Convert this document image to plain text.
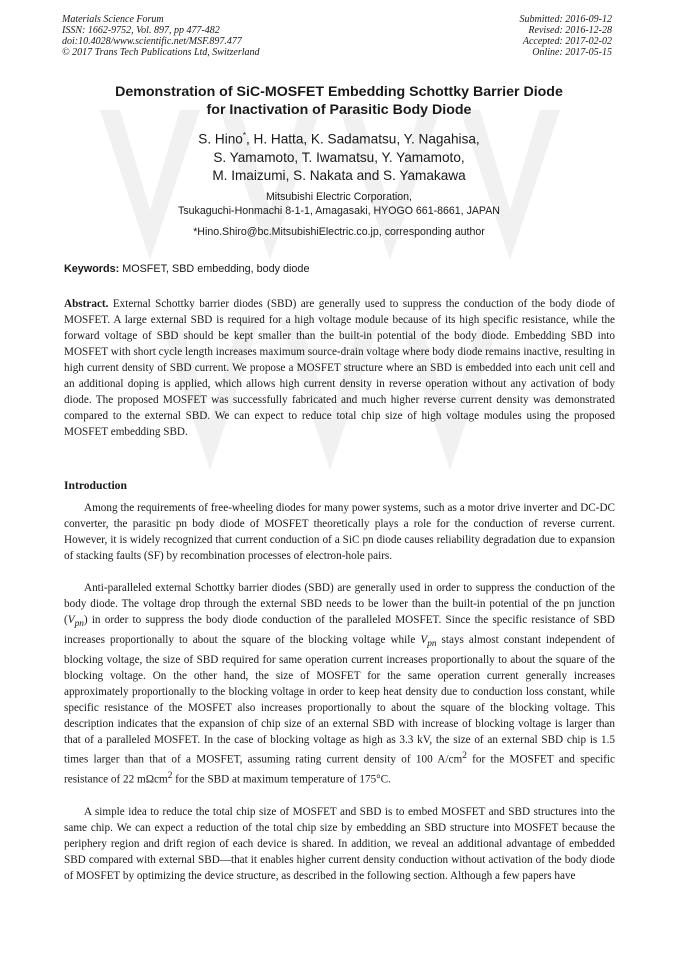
Materials Science Forum
ISSN: 1662-9752, Vol. 897, pp 477-482
doi:10.4028/www.scientific.net/MSF.897.477
© 2017 Trans Tech Publications Ltd, Switzerland
Submitted: 2016-09-12
Revised: 2016-12-28
Accepted: 2017-02-02
Online: 2017-05-15
Demonstration of SiC-MOSFET Embedding Schottky Barrier Diode
for Inactivation of Parasitic Body Diode
S. Hino*, H. Hatta, K. Sadamatsu, Y. Nagahisa,
S. Yamamoto, T. Iwamatsu, Y. Yamamoto,
M. Imaizumi, S. Nakata and S. Yamakawa
Mitsubishi Electric Corporation,
Tsukaguchi-Honmachi 8-1-1, Amagasaki, HYOGO 661-8661, JAPAN
*Hino.Shiro@bc.MitsubishiElectric.co.jp, corresponding author
Keywords: MOSFET, SBD embedding, body diode

Abstract. External Schottky barrier diodes (SBD) are generally used to suppress the conduction of the body diode of MOSFET. A large external SBD is required for a high voltage module because of its high specific resistance, while the forward voltage of SBD should be kept smaller than the built-in potential of the body diode. Embedding SBD into MOSFET with short cycle length increases maximum source-drain voltage where body diode remains inactive, resulting in high current density of SBD current. We propose a MOSFET structure where an SBD is embedded into each unit cell and an additional doping is applied, which allows high current density in reverse operation without any activation of body diode. The proposed MOSFET was successfully fabricated and much higher reverse current density was demonstrated compared to the external SBD. We can expect to reduce total chip size of high voltage modules using the proposed MOSFET embedding SBD.

Introduction

Among the requirements of free-wheeling diodes for many power systems, such as a motor drive inverter and DC-DC converter, the parasitic pn body diode of MOSFET theoretically plays a role for the conduction of reverse current. However, it is widely recognized that current conduction of a SiC pn diode causes reliability degradation due to expansion of stacking faults (SF) by recombination processes of electron-hole pairs.

Anti-paralleled external Schottky barrier diodes (SBD) are generally used in order to suppress the conduction of the body diode. The voltage drop through the external SBD needs to be lower than the built-in potential of the pn junction $(V_{pn})$ in order to suppress the body diode conduction of the paralleled MOSFET. Since the specific resistance of SBD increases proportionally to about the square of the blocking voltage while $V_{pn}$ stays almost constant independent of blocking voltage, the size of SBD required for same operation current increases proportionally to about the square of the blocking voltage. On the other hand, the size of MOSFET for the same operation current generally increases approximately proportionally to the blocking voltage in order to keep heat density due to conduction loss constant, while specific resistance of the MOSFET also increases proportionally to about the square of the blocking voltage. This description indicates that the expansion of chip size of an external SBD with increase of blocking voltage is larger than that of a paralleled MOSFET. In the case of blocking voltage as high as 3.3 kV, the size of an external SBD chip is 1.5 times larger than that of a MOSFET, assuming rating current density of 100 $A/cm^2$ for the MOSFET and specific resistance of 22 mΩcm$^2$ for the SBD at maximum temperature of 175°C.

A simple idea to reduce the total chip size of MOSFET and SBD is to embed MOSFET and SBD structures into the same chip. We can expect a reduction of the total chip size by embedding an SBD structure into MOSFET because the periphery region and drift region of each device is shared. In addition, we reveal an additional advantage of embedded SBD compared with external SBD—that it enables higher current density conduction without activation of the body diode of MOSFET by optimizing the device structure, as described in the following section. Although a few papers have
